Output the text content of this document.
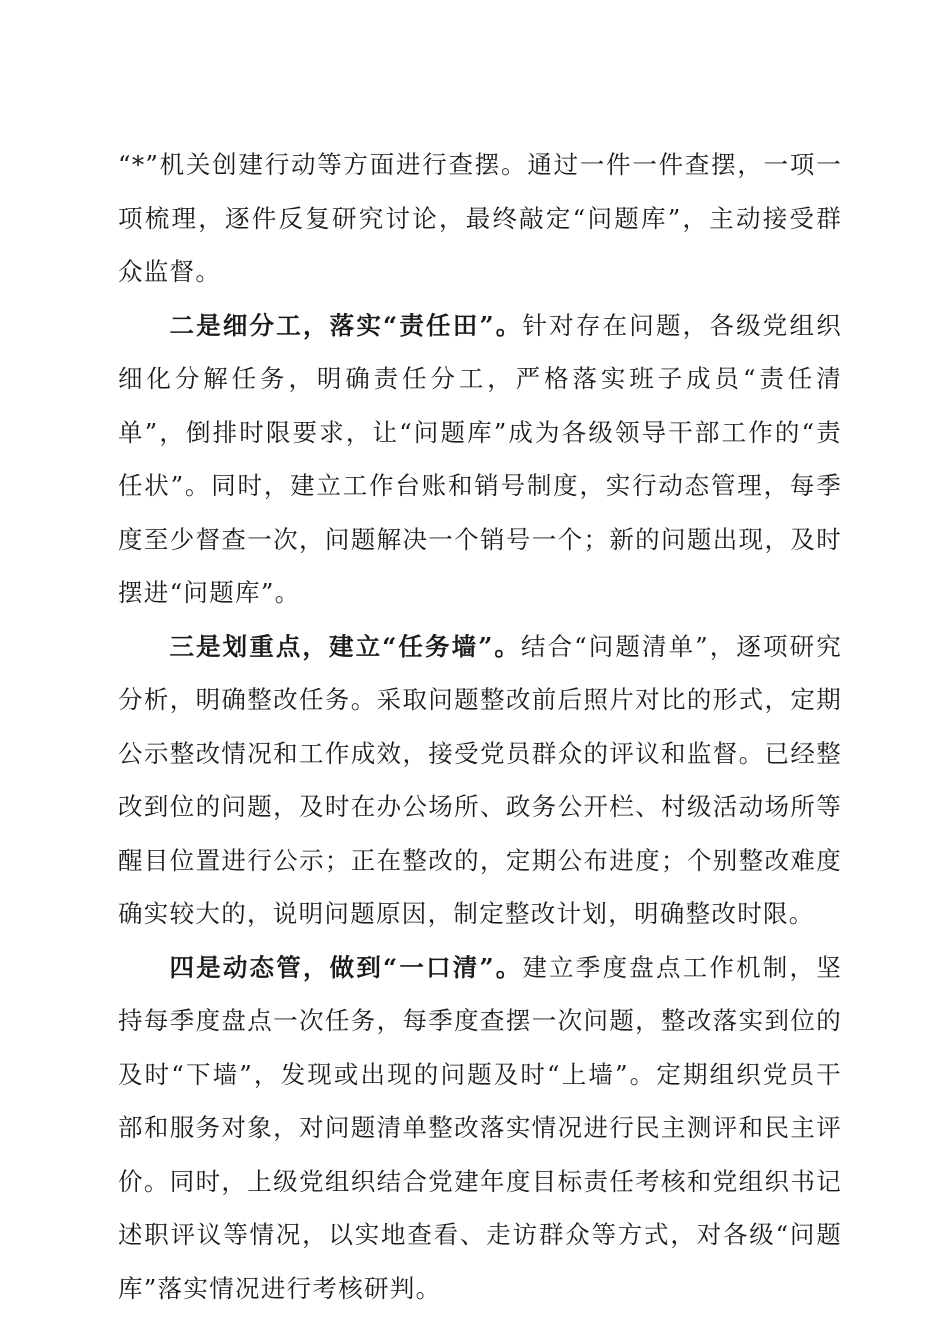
“*”机关创建行动等方面进行查摆。通过一件一件查摆，一项一项梳理，逐件反复研究讨论，最终敲定“问题库”，主动接受群众监督。

二是细分工，落实“责任田”。针对存在问题，各级党组织细化分解任务，明确责任分工，严格落实班子成员“责任清单”，倒排时限要求，让“问题库”成为各级领导干部工作的“责任状”。同时，建立工作台账和销号制度，实行动态管理，每季度至少督查一次，问题解决一个销号一个；新的问题出现，及时摆进“问题库”。

三是划重点，建立“任务墙”。结合“问题清单”，逐项研究分析，明确整改任务。采取问题整改前后照片对比的形式，定期公示整改情况和工作成效，接受党员群众的评议和监督。已经整改到位的问题，及时在办公场所、政务公开栏、村级活动场所等醒目位置进行公示；正在整改的，定期公布进度；个别整改难度确实较大的，说明问题原因，制定整改计划，明确整改时限。

四是动态管，做到“一口清”。建立季度盘点工作机制，坚持每季度盘点一次任务，每季度查摆一次问题，整改落实到位的及时“下墙”，发现或出现的问题及时“上墙”。定期组织党员干部和服务对象，对问题清单整改落实情况进行民主测评和民主评价。同时，上级党组织结合党建年度目标责任考核和党组织书记述职评议等情况，以实地查看、走访群众等方式，对各级“问题库”落实情况进行考核研判。
